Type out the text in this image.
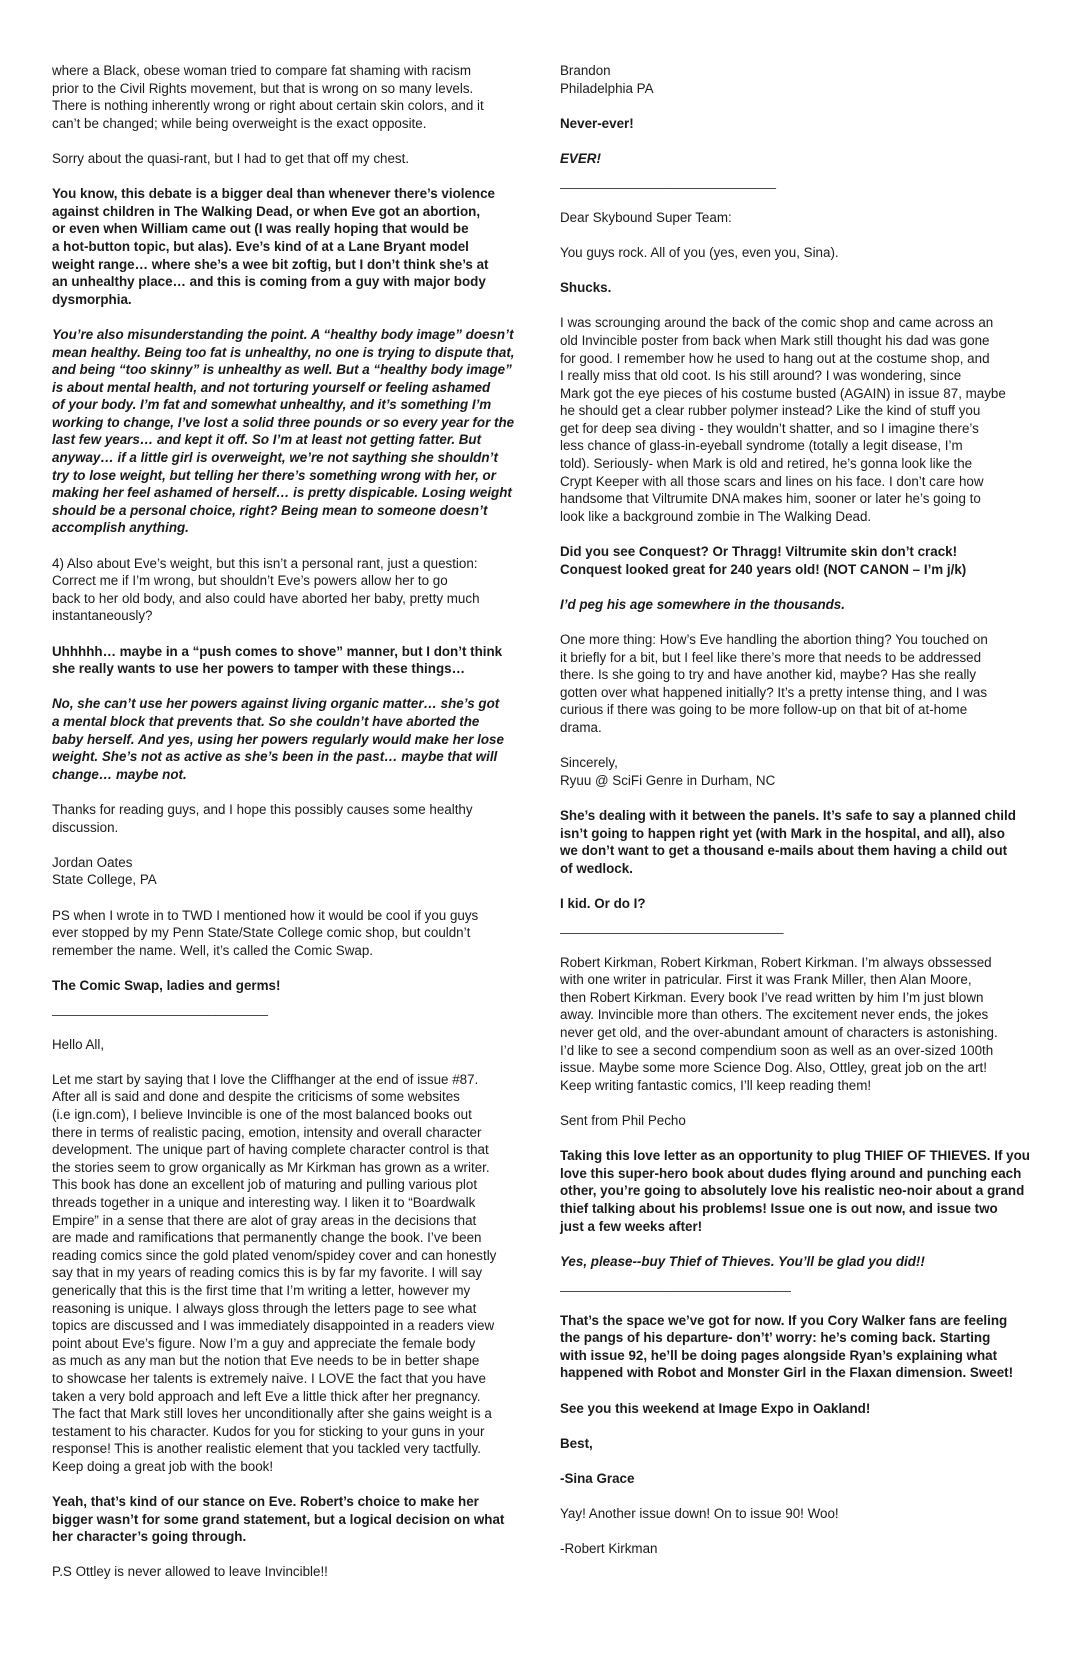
where a Black, obese woman tried to compare fat shaming with racism
prior to the Civil Rights movement, but that is wrong on so many levels.
There is nothing inherently wrong or right about certain skin colors, and it
can’t be changed; while being overweight is the exact opposite.

Sorry about the quasi-rant, but I had to get that off my chest.

You know, this debate is a bigger deal than whenever there’s violence
against children in The Walking Dead, or when Eve got an abortion,
or even when William came out (I was really hoping that would be
a hot-button topic, but alas). Eve’s kind of at a Lane Bryant model
weight range… where she’s a wee bit zoftig, but I don’t think she’s at
an unhealthy place… and this is coming from a guy with major body
dysmorphia.

You’re also misunderstanding the point. A “healthy body image” doesn’t
mean healthy. Being too fat is unhealthy, no one is trying to dispute that,
and being “too skinny” is unhealthy as well. But a “healthy body image”
is about mental health, and not torturing yourself or feeling ashamed
of your body. I’m fat and somewhat unhealthy, and it’s something I’m
working to change, I’ve lost a solid three pounds or so every year for the
last few years… and kept it off. So I’m at least not getting fatter. But
anyway… if a little girl is overweight, we’re not saything she shouldn’t
try to lose weight, but telling her there’s something wrong with her, or
making her feel ashamed of herself… is pretty dispicable. Losing weight
should be a personal choice, right? Being mean to someone doesn’t
accomplish anything.

4) Also about Eve’s weight, but this isn’t a personal rant, just a question:
Correct me if I’m wrong, but shouldn’t Eve’s powers allow her to go
back to her old body, and also could have aborted her baby, pretty much
instantaneously?

Uhhhhh… maybe in a “push comes to shove” manner, but I don’t think
she really wants to use her powers to tamper with these things…

No, she can’t use her powers against living organic matter… she’s got
a mental block that prevents that. So she couldn’t have aborted the
baby herself. And yes, using her powers regularly would make her lose
weight. She’s not as active as she’s been in the past… maybe that will
change… maybe not.

Thanks for reading guys, and I hope this possibly causes some healthy
discussion.

Jordan Oates
State College, PA

PS when I wrote in to TWD I mentioned how it would be cool if you guys
ever stopped by my Penn State/State College comic shop, but couldn’t
remember the name. Well, it’s called the Comic Swap.

The Comic Swap, ladies and germs!

_____________________________

Hello All,

Let me start by saying that I love the Cliffhanger at the end of issue #87.
After all is said and done and despite the criticisms of some websites
(i.e ign.com), I believe Invincible is one of the most balanced books out
there in terms of realistic pacing, emotion, intensity and overall character
development. The unique part of having complete character control is that
the stories seem to grow organically as Mr Kirkman has grown as a writer.
This book has done an excellent job of maturing and pulling various plot
threads together in a unique and interesting way. I liken it to “Boardwalk
Empire” in a sense that there are alot of gray areas in the decisions that
are made and ramifications that permanently change the book. I’ve been
reading comics since the gold plated venom/spidey cover and can honestly
say that in my years of reading comics this is by far my favorite. I will say
generically that this is the first time that I’m writing a letter, however my
reasoning is unique. I always gloss through the letters page to see what
topics are discussed and I was immediately disappointed in a readers view
point about Eve’s figure. Now I’m a guy and appreciate the female body
as much as any man but the notion that Eve needs to be in better shape
to showcase her talents is extremely naive. I LOVE the fact that you have
taken a very bold approach and left Eve a little thick after her pregnancy.
The fact that Mark still loves her unconditionally after she gains weight is a
testament to his character. Kudos for you for sticking to your guns in your
response! This is another realistic element that you tackled very tactfully.
Keep doing a great job with the book!

Yeah, that’s kind of our stance on Eve. Robert’s choice to make her
bigger wasn’t for some grand statement, but a logical decision on what
her character’s going through.

P.S Ottley is never allowed to leave Invincible!!

Brandon
Philadelphia PA

Never-ever!

EVER!

_____________________________

Dear Skybound Super Team:

You guys rock. All of you (yes, even you, Sina).

Shucks.

I was scrounging around the back of the comic shop and came across an
old Invincible poster from back when Mark still thought his dad was gone
for good. I remember how he used to hang out at the costume shop, and
I really miss that old coot. Is his still around? I was wondering, since
Mark got the eye pieces of his costume busted (AGAIN) in issue 87, maybe
he should get a clear rubber polymer instead? Like the kind of stuff you
get for deep sea diving - they wouldn’t shatter, and so I imagine there’s
less chance of glass-in-eyeball syndrome (totally a legit disease, I’m
told). Seriously- when Mark is old and retired, he’s gonna look like the
Crypt Keeper with all those scars and lines on his face. I don’t care how
handsome that Viltrumite DNA makes him, sooner or later he’s going to
look like a background zombie in The Walking Dead.

Did you see Conquest? Or Thragg! Viltrumite skin don’t crack!
Conquest looked great for 240 years old! (NOT CANON – I’m j/k)

I’d peg his age somewhere in the thousands.

One more thing: How’s Eve handling the abortion thing? You touched on
it briefly for a bit, but I feel like there’s more that needs to be addressed
there. Is she going to try and have another kid, maybe? Has she really
gotten over what happened initially? It’s a pretty intense thing, and I was
curious if there was going to be more follow-up on that bit of at-home
drama.

Sincerely,
Ryuu @ SciFi Genre in Durham, NC

She’s dealing with it between the panels. It’s safe to say a planned child
isn’t going to happen right yet (with Mark in the hospital, and all), also
we don’t want to get a thousand e-mails about them having a child out
of wedlock.

I kid. Or do I?

______________________________

Robert Kirkman, Robert Kirkman, Robert Kirkman. I’m always obssessed
with one writer in patricular. First it was Frank Miller, then Alan Moore,
then Robert Kirkman. Every book I’ve read written by him I’m just blown
away. Invincible more than others. The excitement never ends, the jokes
never get old, and the over-abundant amount of characters is astonishing.
I’d like to see a second compendium soon as well as an over-sized 100th
issue. Maybe some more Science Dog. Also, Ottley, great job on the art!
Keep writing fantastic comics, I’ll keep reading them!

Sent from Phil Pecho

Taking this love letter as an opportunity to plug THIEF OF THIEVES. If you
love this super-hero book about dudes flying around and punching each
other, you’re going to absolutely love his realistic neo-noir about a grand
thief talking about his problems! Issue one is out now, and issue two
just a few weeks after!

Yes, please--buy Thief of Thieves. You’ll be glad you did!!

_______________________________

That’s the space we’ve got for now. If you Cory Walker fans are feeling
the pangs of his departure- don’t’ worry: he’s coming back. Starting
with issue 92, he’ll be doing pages alongside Ryan’s explaining what
happened with Robot and Monster Girl in the Flaxan dimension. Sweet!

See you this weekend at Image Expo in Oakland!

Best,

-Sina Grace

Yay! Another issue down! On to issue 90! Woo!

-Robert Kirkman
